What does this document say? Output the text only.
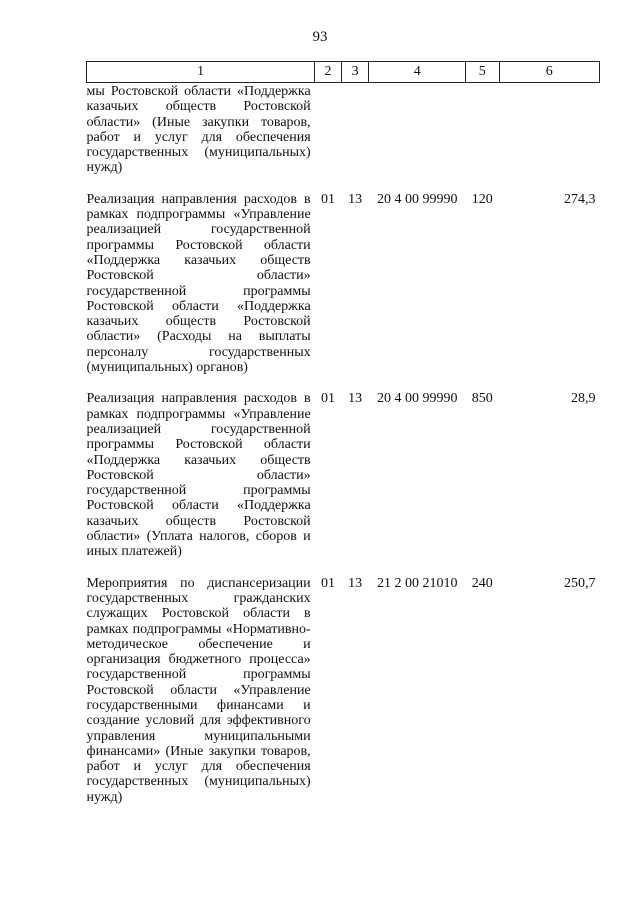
93
1	2	3	4	5	6
мы Ростовской области «Поддержка казачьих обществ Ростовской области» (Иные закупки товаров, работ и услуг для обеспечения государственных (муниципальных) нужд)					
Реализация направления расходов в рамках подпрограммы «Управление реализацией государственной программы Ростовской области «Поддержка казачьих обществ Ростовской области» государственной программы Ростовской области «Поддержка казачьих обществ Ростовской области» (Расходы на выплаты персоналу государственных (муниципальных) органов)	01	13	20 4 00 99990	120	274,3
Реализация направления расходов в рамках подпрограммы «Управление реализацией государственной программы Ростовской области «Поддержка казачьих обществ Ростовской области» государственной программы Ростовской области «Поддержка казачьих обществ Ростовской области» (Уплата налогов, сборов и иных платежей)	01	13	20 4 00 99990	850	28,9
Мероприятия по диспансеризации государственных гражданских служащих Ростовской области в рамках подпрограммы «Нормативно-методическое обеспечение и организация бюджетного процесса» государственной программы Ростовской области «Управление государственными финансами и создание условий для эффективного управления муниципальными финансами» (Иные закупки товаров, работ и услуг для обеспечения государственных (муниципальных) нужд)	01	13	21 2 00 21010	240	250,7
